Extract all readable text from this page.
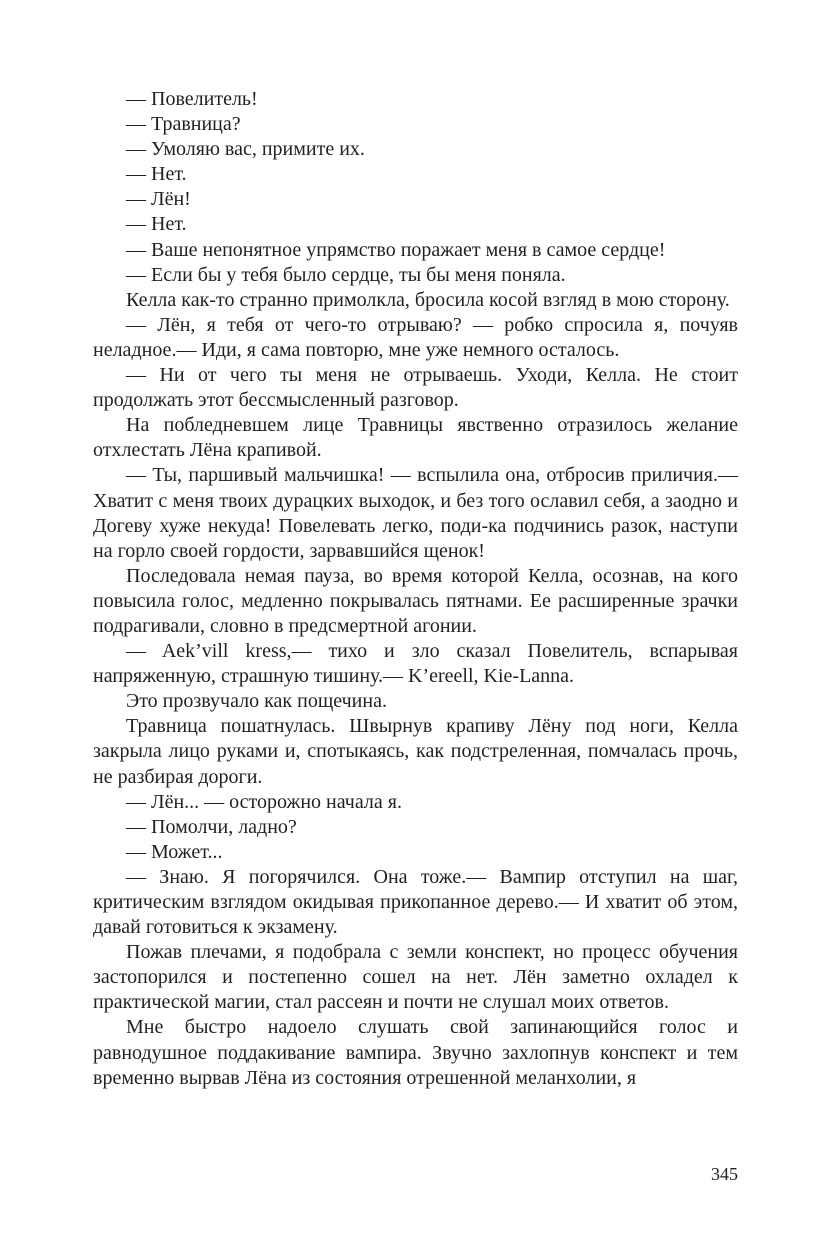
— Повелитель!

— Травница?

— Умоляю вас, примите их.

— Нет.

— Лён!

— Нет.

— Ваше непонятное упрямство поражает меня в самое сердце!

— Если бы у тебя было сердце, ты бы меня поняла.

Келла как-то странно примолкла, бросила косой взгляд в мою сторону.

— Лён, я тебя от чего-то отрываю? — робко спросила я, почуяв неладное.— Иди, я сама повторю, мне уже немного осталось.

— Ни от чего ты меня не отрываешь. Уходи, Келла. Не стоит продолжать этот бессмысленный разговор.

На побледневшем лице Травницы явственно отразилось желание отхлестать Лёна крапивой.

— Ты, паршивый мальчишка! — вспылила она, отбросив приличия.— Хватит с меня твоих дурацких выходок, и без того ославил себя, а заодно и Догеву хуже некуда! Повелевать легко, поди-ка подчинись разок, наступи на горло своей гордости, зарвавшийся щенок!

Последовала немая пауза, во время которой Келла, осознав, на кого повысила голос, медленно покрывалась пятнами. Ее расширенные зрачки подрагивали, словно в предсмертной агонии.

— Aek’vill kress,— тихо и зло сказал Повелитель, вспарывая напряженную, страшную тишину.— K’ereell, Kie-Lanna.

Это прозвучало как пощечина.

Травница пошатнулась. Швырнув крапиву Лёну под ноги, Келла закрыла лицо руками и, спотыкаясь, как подстреленная, помчалась прочь, не разбирая дороги.

— Лён... — осторожно начала я.

— Помолчи, ладно?

— Может...

— Знаю. Я погорячился. Она тоже.— Вампир отступил на шаг, критическим взглядом окидывая прикопанное дерево.— И хватит об этом, давай готовиться к экзамену.

Пожав плечами, я подобрала с земли конспект, но процесс обучения застопорился и постепенно сошел на нет. Лён заметно охладел к практической магии, стал рассеян и почти не слушал моих ответов.

Мне быстро надоело слушать свой запинающийся голос и равнодушное поддакивание вампира. Звучно захлопнув конспект и тем временно вырвав Лёна из состояния отрешенной меланхолии, я

345
